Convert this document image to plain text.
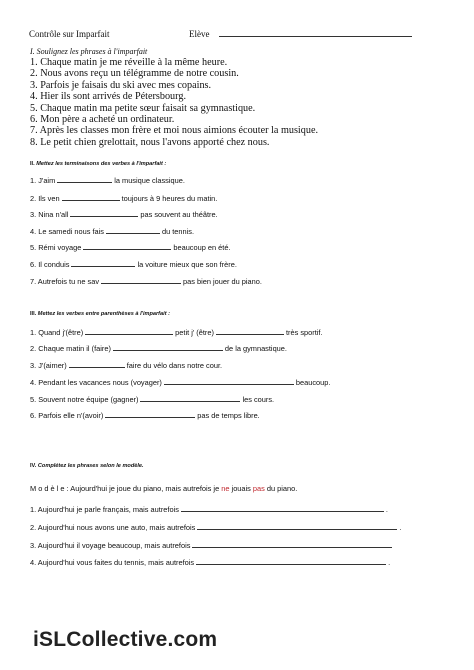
Contrôle sur Imparfait	Elève
I. Soulignez les phrases à l'imparfait
1. Chaque matin je me réveille à la même heure.
2. Nous avons reçu un télégramme de notre cousin.
3. Parfois je faisais du ski avec mes copains.
4. Hier ils sont arrivés de Pétersbourg.
5. Chaque matin ma petite sœur faisait sa gymnastique.
6. Mon père a acheté un ordinateur.
7. Après les classes mon frère et moi nous aimions écouter la musique.
8. Le petit chien grelottait, nous l'avons apporté chez nous.
II. Mettez les terminaisons des verbes à l'imparfait :
1. J'aim	la musique classique.
2. Ils ven	toujours à 9 heures du matin.
3. Nina n'all	pas souvent au théâtre.
4. Le samedi nous fais	du tennis.
5. Rémi voyage	beaucoup en été.
6. Il conduis	la voiture mieux que son frère.
7. Autrefois tu ne sav	pas bien jouer du piano.
III. Mettez les verbes entre parenthèses à l'imparfait :
1. Quand j'(être)	petit j' (être)	très sportif.
2. Chaque matin il (faire)	de la gymnastique.
3. J'(aimer)	faire du vélo dans notre cour.
4. Pendant les vacances nous (voyager)	beaucoup.
5. Souvent notre équipe (gagner)	les cours.
6. Parfois elle n'(avoir)	pas de temps libre.
IV. Complétez les phrases selon le modèle.
M o d è l e : Aujourd'hui je joue du piano, mais autrefois je ne jouais pas du piano.
1. Aujourd'hui je parle français, mais autrefois	.
2. Aujourd'hui nous avons une auto, mais autrefois	.
3. Aujourd'hui il voyage beaucoup, mais autrefois
4. Aujourd'hui vous faites du tennis, mais autrefois	.
iSLCollective.com
